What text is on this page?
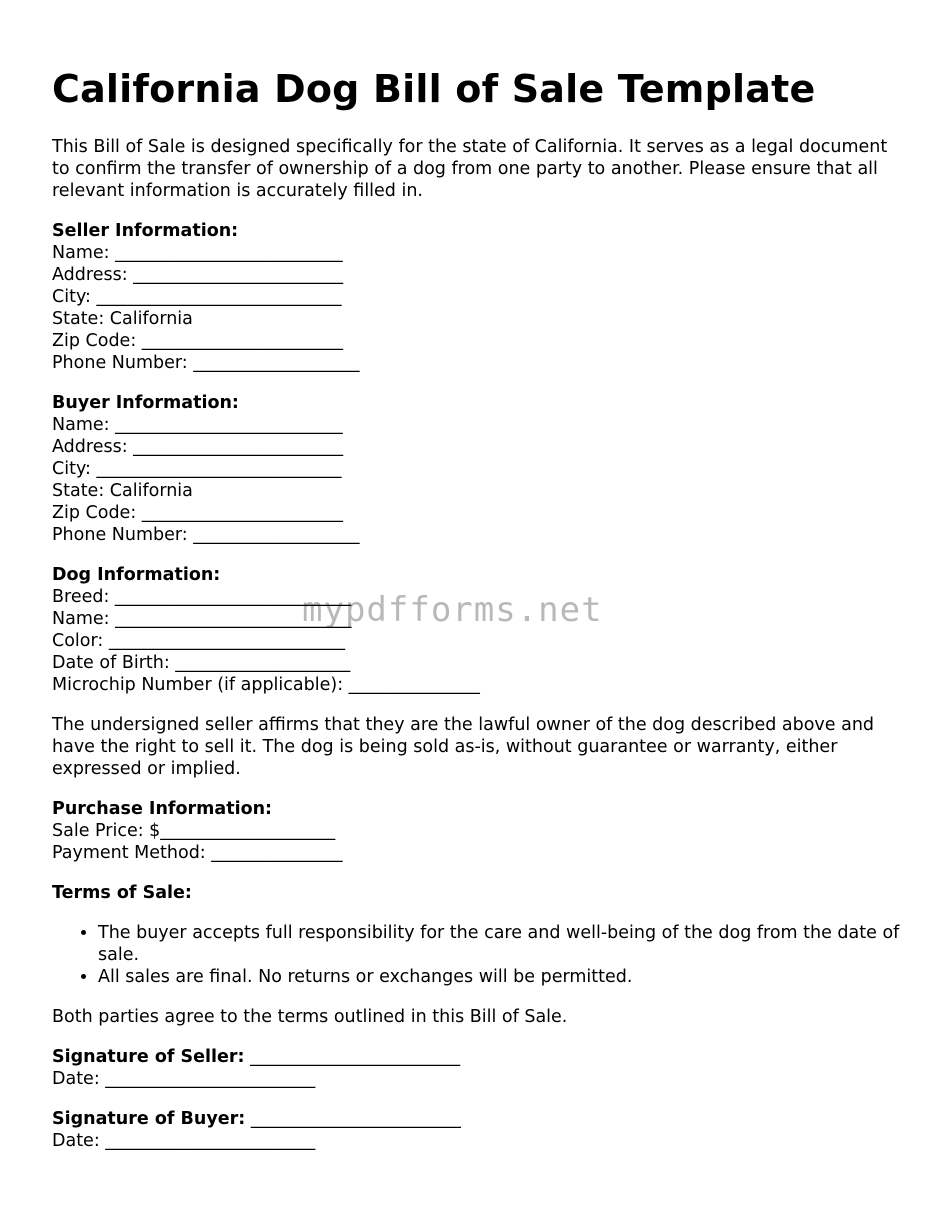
California Dog Bill of Sale Template

This Bill of Sale is designed specifically for the state of California. It serves as a legal document to confirm the transfer of ownership of a dog from one party to another. Please ensure that all relevant information is accurately filled in.

Seller Information:
Name: __________________________
Address: ________________________
City: ____________________________
State: California
Zip Code: _______________________
Phone Number: ___________________
Buyer Information:
Name: __________________________
Address: ________________________
City: ____________________________
State: California
Zip Code: _______________________
Phone Number: ___________________
Dog Information:
Breed: ___________________________
Name: ___________________________
Color: ___________________________
Date of Birth: ____________________
Microchip Number (if applicable): _______________

The undersigned seller affirms that they are the lawful owner of the dog described above and have the right to sell it. The dog is being sold as-is, without guarantee or warranty, either expressed or implied.

Purchase Information:
Sale Price: $____________________
Payment Method: _______________
Terms of Sale:
• The buyer accepts full responsibility for the care and well-being of the dog from the date of sale.
• All sales are final. No returns or exchanges will be permitted.

Both parties agree to the terms outlined in this Bill of Sale.

Signature of Seller: ________________________
Date: ________________________
Signature of Buyer: ________________________
Date: ________________________
mypdfforms.net
